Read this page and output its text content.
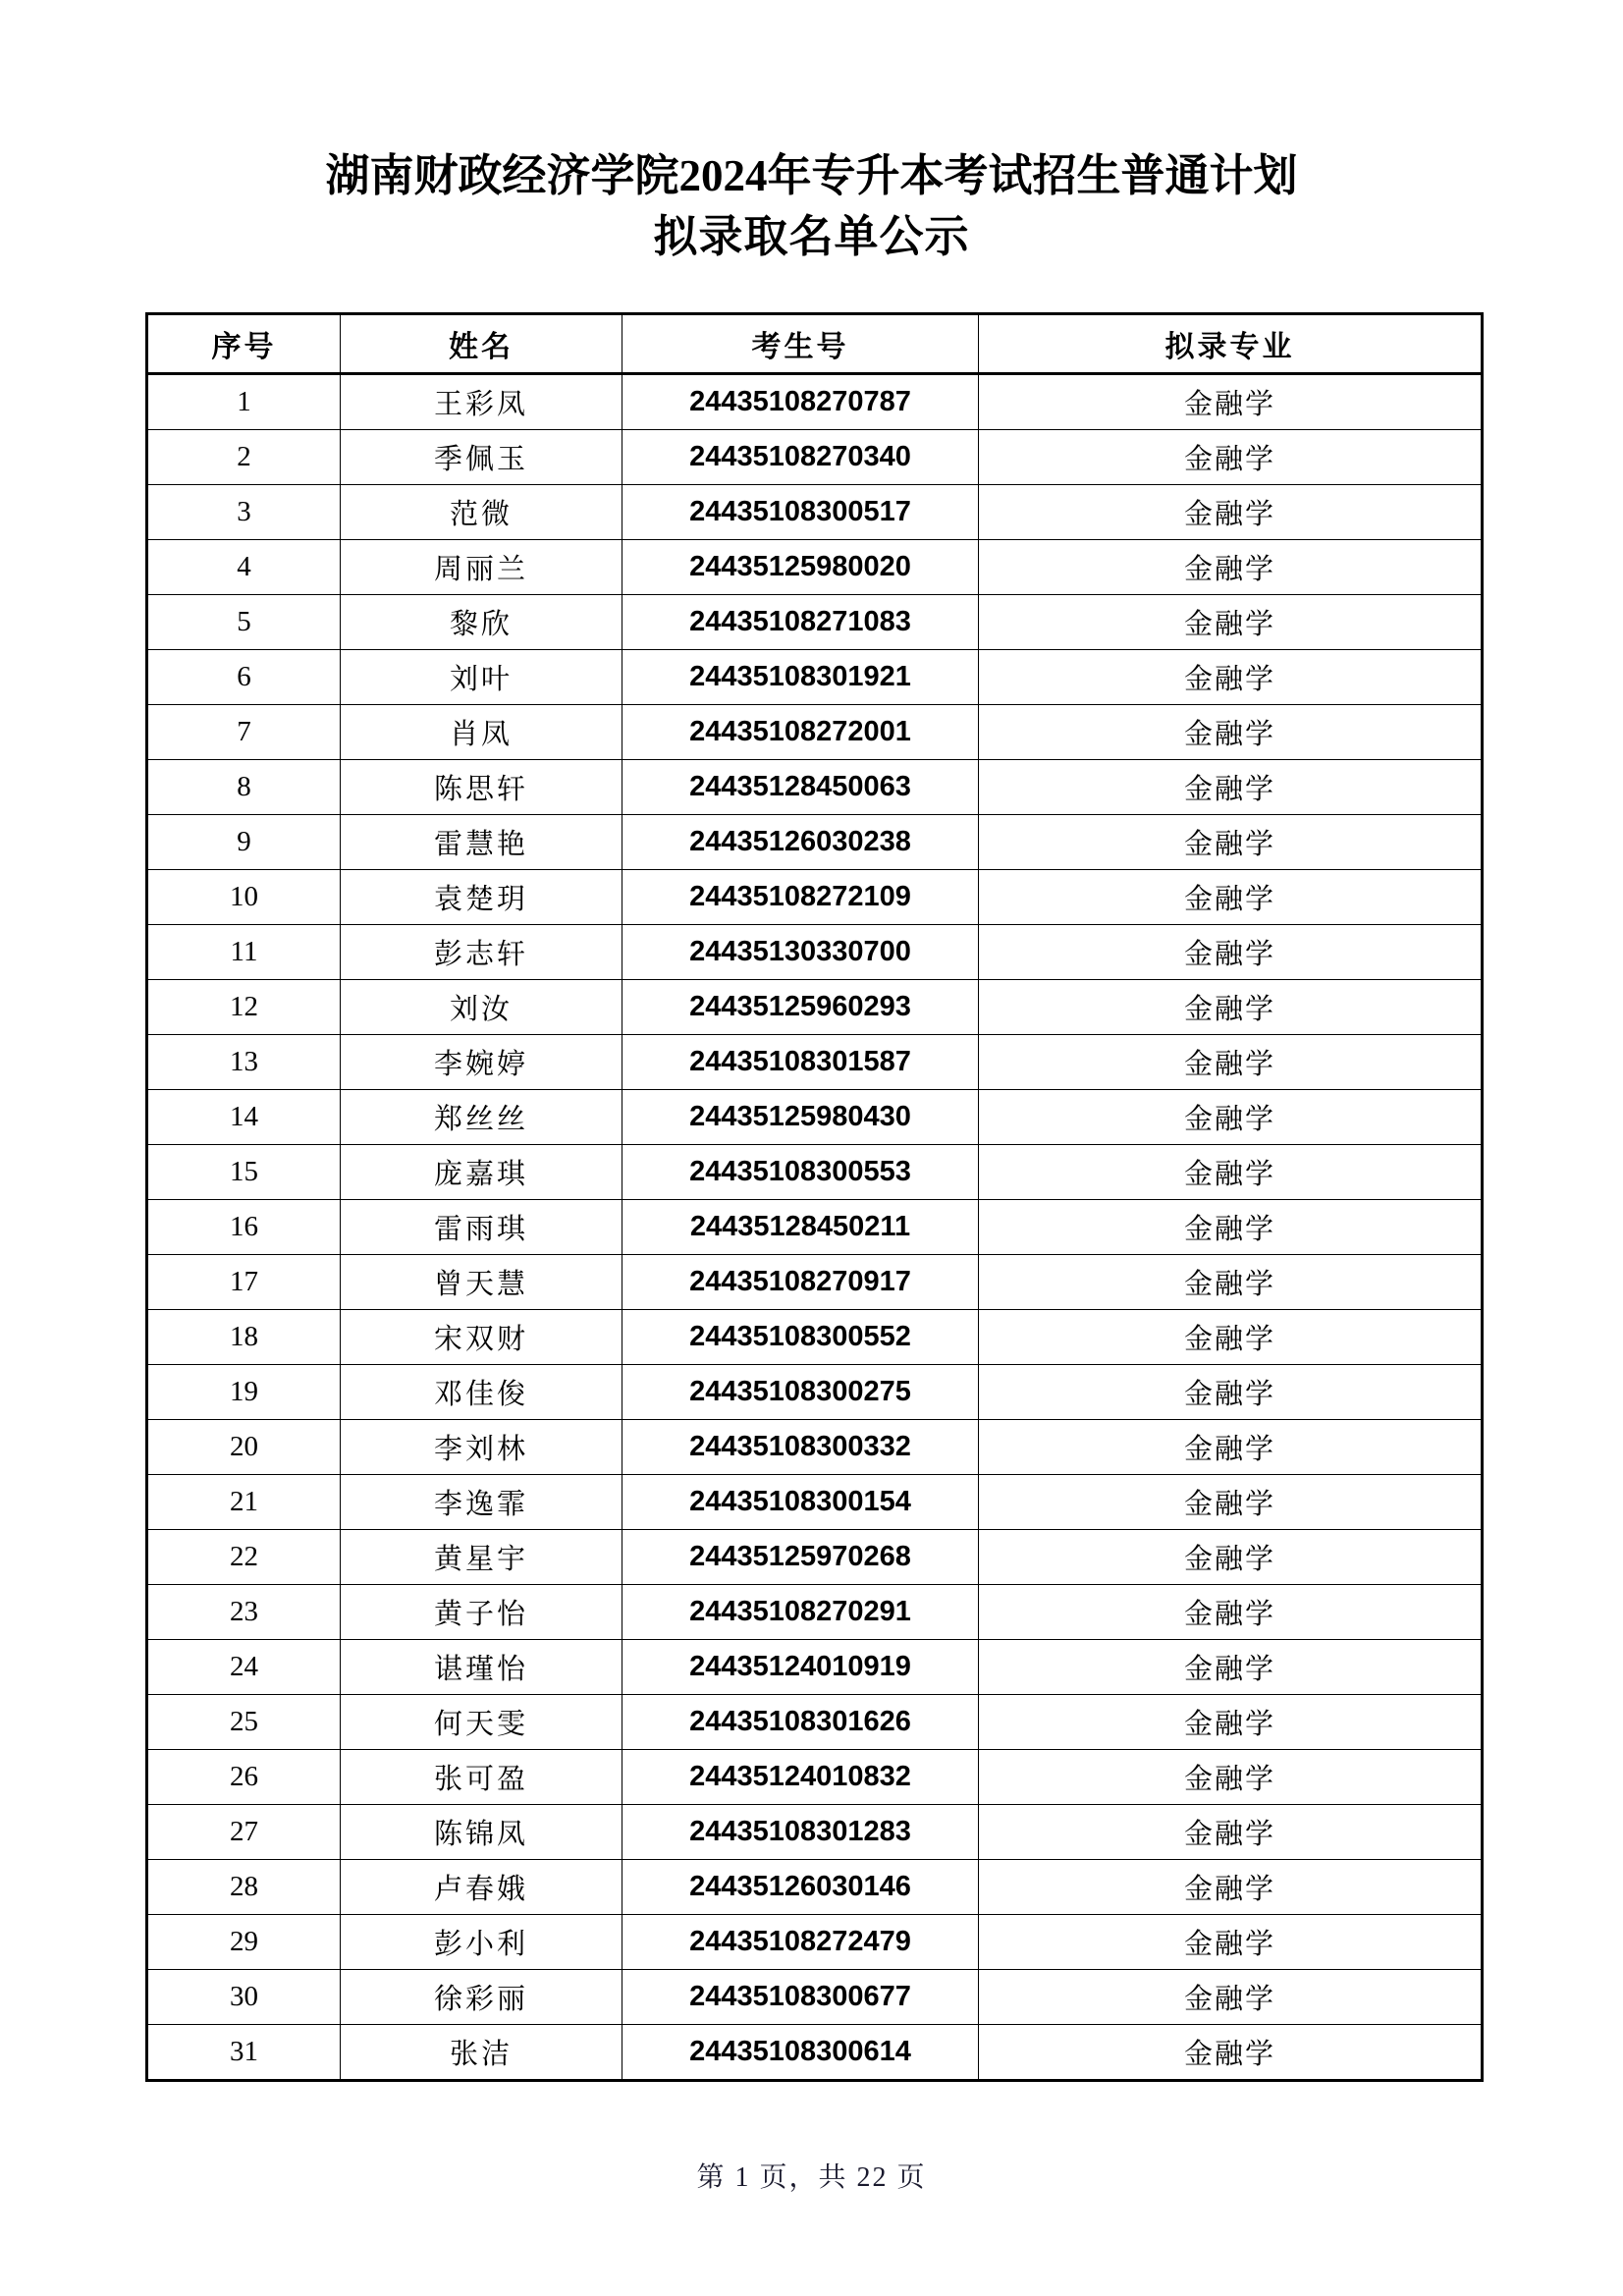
湖南财政经济学院2024年专升本考试招生普通计划
拟录取名单公示
序号	姓名	考生号	拟录专业
1	王彩凤	24435108270787	金融学
2	季佩玉	24435108270340	金融学
3	范微	24435108300517	金融学
4	周丽兰	24435125980020	金融学
5	黎欣	24435108271083	金融学
6	刘叶	24435108301921	金融学
7	肖凤	24435108272001	金融学
8	陈思轩	24435128450063	金融学
9	雷慧艳	24435126030238	金融学
10	袁楚玥	24435108272109	金融学
11	彭志轩	24435130330700	金融学
12	刘汝	24435125960293	金融学
13	李婉婷	24435108301587	金融学
14	郑丝丝	24435125980430	金融学
15	庞嘉琪	24435108300553	金融学
16	雷雨琪	24435128450211	金融学
17	曾天慧	24435108270917	金融学
18	宋双财	24435108300552	金融学
19	邓佳俊	24435108300275	金融学
20	李刘林	24435108300332	金融学
21	李逸霏	24435108300154	金融学
22	黄星宇	24435125970268	金融学
23	黄子怡	24435108270291	金融学
24	谌瑾怡	24435124010919	金融学
25	何天雯	24435108301626	金融学
26	张可盈	24435124010832	金融学
27	陈锦凤	24435108301283	金融学
28	卢春娥	24435126030146	金融学
29	彭小利	24435108272479	金融学
30	徐彩丽	24435108300677	金融学
31	张洁	24435108300614	金融学
第 1 页，共 22 页
